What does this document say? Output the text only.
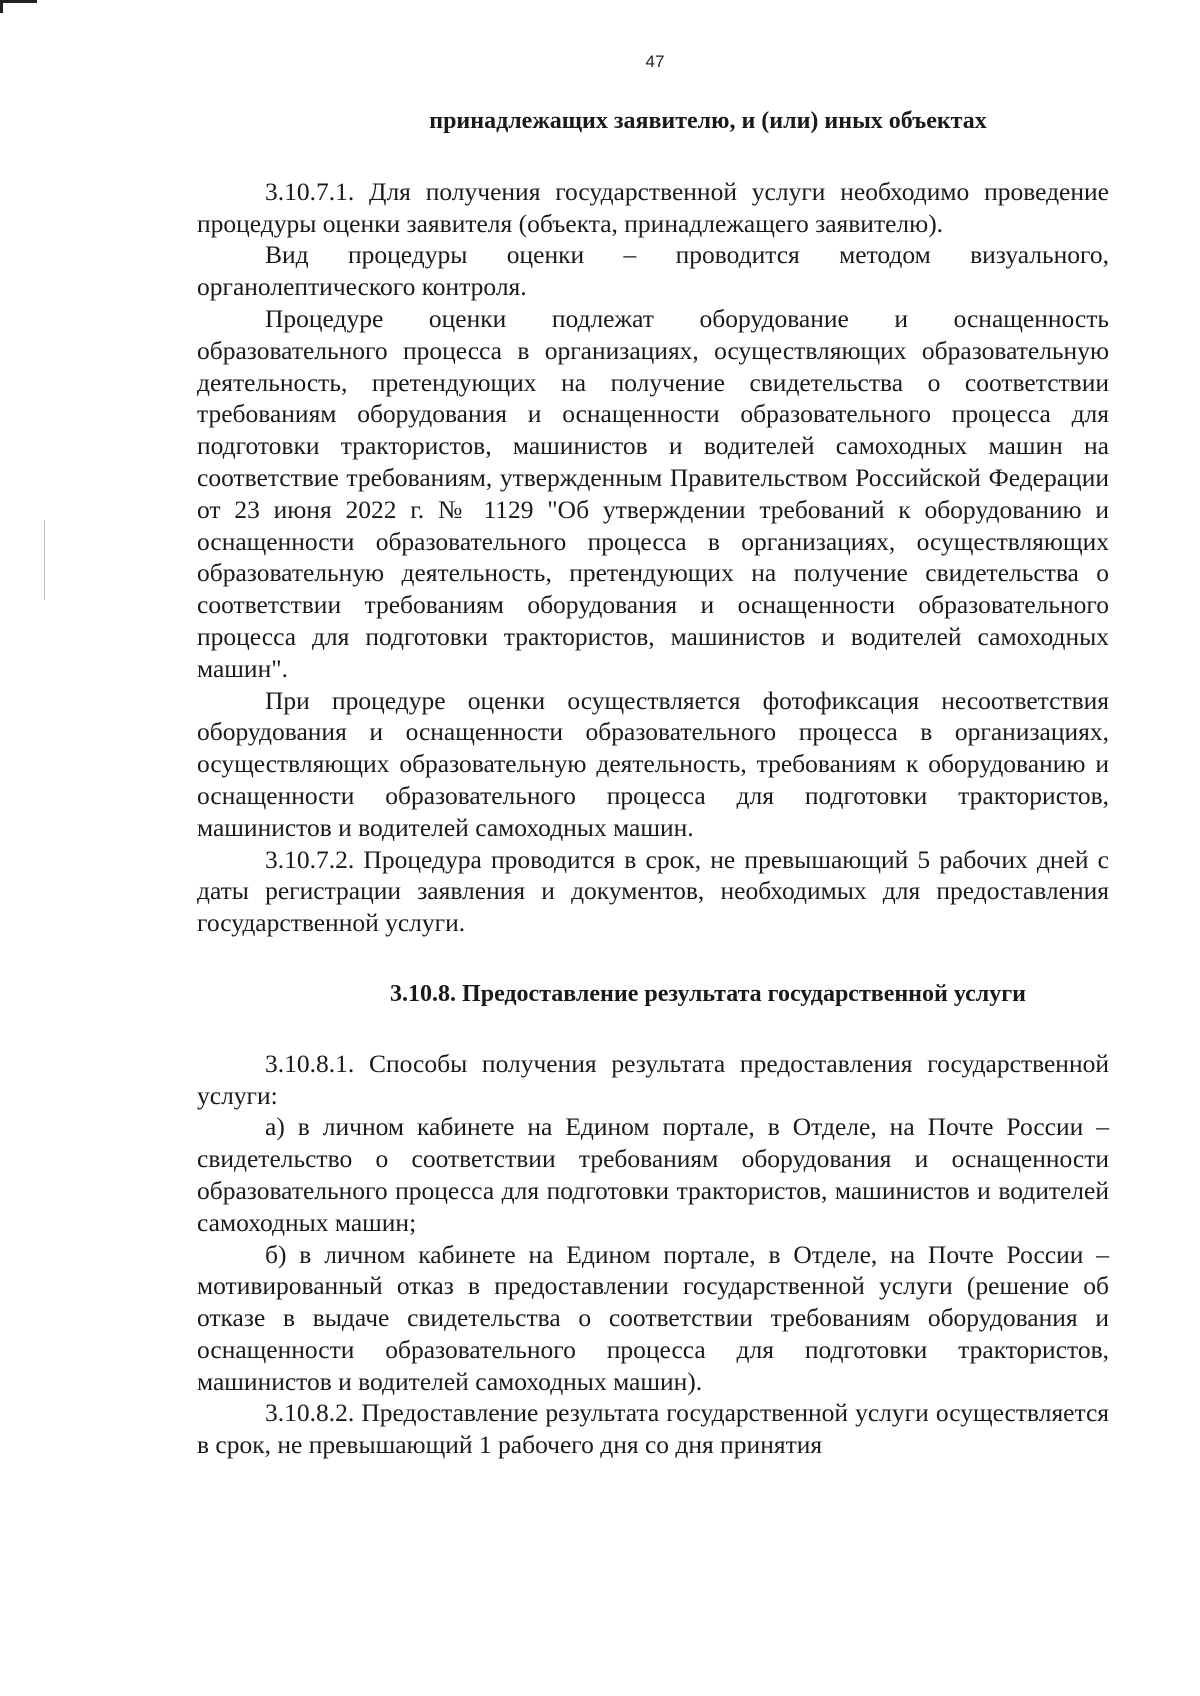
47
принадлежащих заявителю, и (или) иных объектах

3.10.7.1. Для получения государственной услуги необходимо проведение процедуры оценки заявителя (объекта, принадлежащего заявителю).

Вид процедуры оценки – проводится методом визуального, органолептического контроля.

Процедуре оценки подлежат оборудование и оснащенность образовательного процесса в организациях, осуществляющих образовательную деятельность, претендующих на получение свидетельства о соответствии требованиям оборудования и оснащенности образовательного процесса для подготовки трактористов, машинистов и водителей самоходных машин на соответствие требованиям, утвержденным Правительством Российской Федерации от 23 июня 2022 г. № 1129 "Об утверждении требований к оборудованию и оснащенности образовательного процесса в организациях, осуществляющих образовательную деятельность, претендующих на получение свидетельства о соответствии требованиям оборудования и оснащенности образовательного процесса для подготовки трактористов, машинистов и водителей самоходных машин".

При процедуре оценки осуществляется фотофиксация несоответствия оборудования и оснащенности образовательного процесса в организациях, осуществляющих образовательную деятельность, требованиям к оборудованию и оснащенности образовательного процесса для подготовки трактористов, машинистов и водителей самоходных машин.

3.10.7.2. Процедура проводится в срок, не превышающий 5 рабочих дней с даты регистрации заявления и документов, необходимых для предоставления государственной услуги.

3.10.8. Предоставление результата государственной услуги

3.10.8.1. Способы получения результата предоставления государственной услуги:

а) в личном кабинете на Едином портале, в Отделе, на Почте России – свидетельство о соответствии требованиям оборудования и оснащенности образовательного процесса для подготовки трактористов, машинистов и водителей самоходных машин;

б) в личном кабинете на Едином портале, в Отделе, на Почте России – мотивированный отказ в предоставлении государственной услуги (решение об отказе в выдаче свидетельства о соответствии требованиям оборудования и оснащенности образовательного процесса для подготовки трактористов, машинистов и водителей самоходных машин).

3.10.8.2. Предоставление результата государственной услуги осуществляется в срок, не превышающий 1 рабочего дня со дня принятия
